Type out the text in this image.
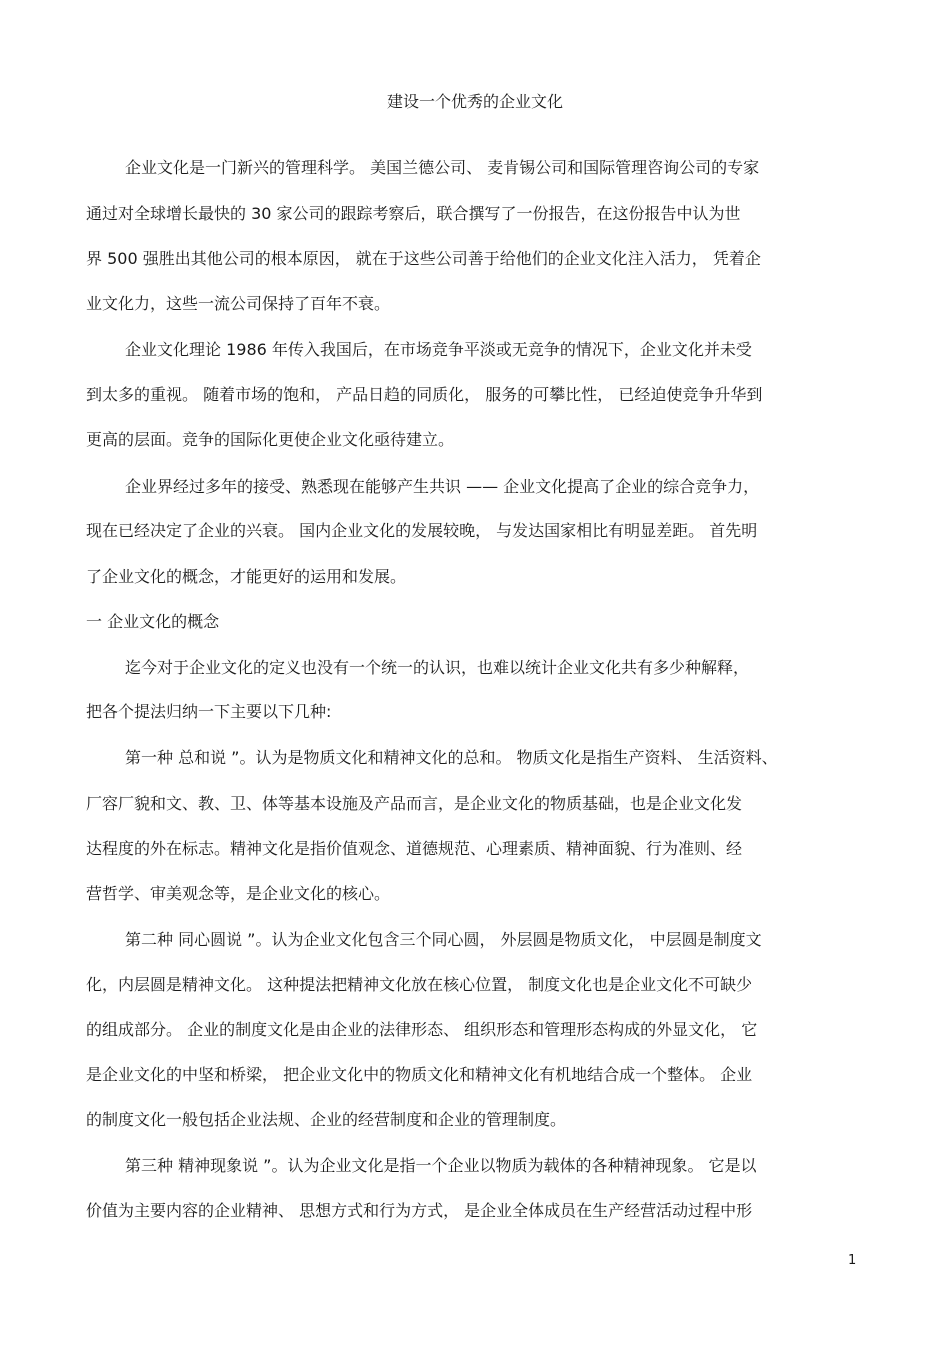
建设一个优秀的企业文化

企业文化是一门新兴的管理科学。 美国兰德公司、 麦肯锡公司和国际管理咨询公司的专家

通过对全球增长最快的 30 家公司的跟踪考察后，联合撰写了一份报告，在这份报告中认为世

界 500 强胜出其他公司的根本原因， 就在于这些公司善于给他们的企业文化注入活力， 凭着企

业文化力，这些一流公司保持了百年不衰。

企业文化理论 1986 年传入我国后，在市场竞争平淡或无竞争的情况下，企业文化并未受

到太多的重视。 随着市场的饱和， 产品日趋的同质化， 服务的可攀比性， 已经迫使竞争升华到

更高的层面。竞争的国际化更使企业文化亟待建立。

企业界经过多年的接受、熟悉现在能够产生共识 —— 企业文化提高了企业的综合竞争力，

现在已经决定了企业的兴衰。 国内企业文化的发展较晚， 与发达国家相比有明显差距。 首先明

了企业文化的概念，才能更好的运用和发展。

一 企业文化的概念

迄今对于企业文化的定义也没有一个统一的认识，也难以统计企业文化共有多少种解释，

把各个提法归纳一下主要以下几种:

第一种 总和说 ”。认为是物质文化和精神文化的总和。 物质文化是指生产资料、 生活资料、

厂容厂貌和文、教、卫、体等基本设施及产品而言，是企业文化的物质基础，也是企业文化发

达程度的外在标志。精神文化是指价值观念、道德规范、心理素质、精神面貌、行为准则、经

营哲学、审美观念等，是企业文化的核心。

第二种 同心圆说 ”。认为企业文化包含三个同心圆， 外层圆是物质文化， 中层圆是制度文

化，内层圆是精神文化。 这种提法把精神文化放在核心位置， 制度文化也是企业文化不可缺少

的组成部分。 企业的制度文化是由企业的法律形态、 组织形态和管理形态构成的外显文化， 它

是企业文化的中坚和桥梁， 把企业文化中的物质文化和精神文化有机地结合成一个整体。 企业

的制度文化一般包括企业法规、企业的经营制度和企业的管理制度。

第三种 精神现象说 ”。认为企业文化是指一个企业以物质为载体的各种精神现象。 它是以

价值为主要内容的企业精神、 思想方式和行为方式， 是企业全体成员在生产经营活动过程中形

1
